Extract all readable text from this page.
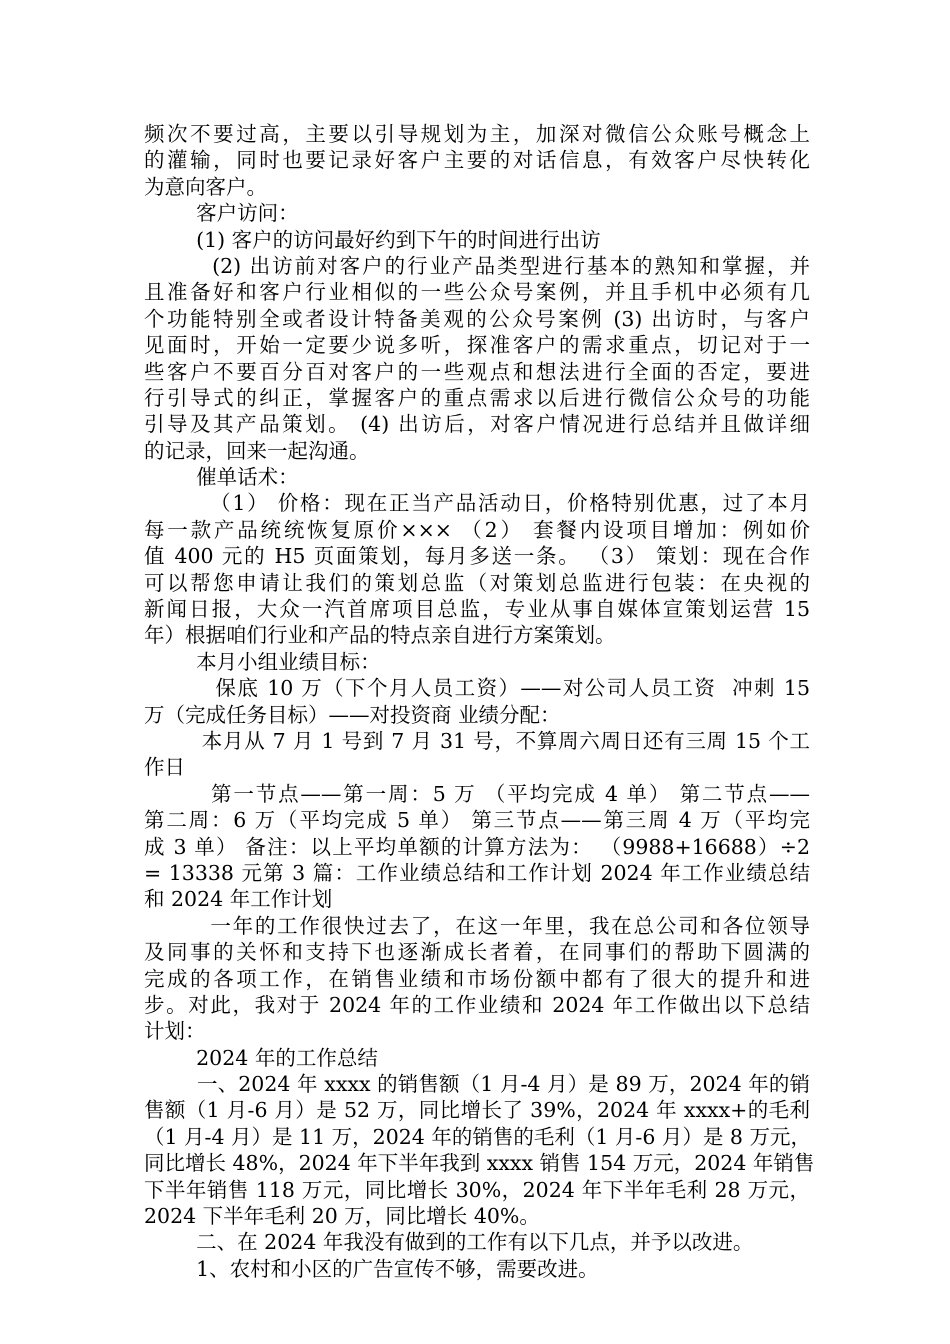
频次不要过高，主要以引导规划为主，加深对微信公众账号概念上
的灌输，同时也要记录好客户主要的对话信息，有效客户尽快转化
为意向客户。
客户访问：
(1) 客户的访问最好约到下午的时间进行出访
(2) 出访前对客户的行业产品类型进行基本的熟知和掌握，并
且准备好和客户行业相似的一些公众号案例，并且手机中必须有几
个功能特别全或者设计特备美观的公众号案例 (3) 出访时，与客户
见面时，开始一定要少说多听，探准客户的需求重点，切记对于一
些客户不要百分百对客户的一些观点和想法进行全面的否定，要进
行引导式的纠正，掌握客户的重点需求以后进行微信公众号的功能
引导及其产品策划。 (4) 出访后，对客户情况进行总结并且做详细
的记录，回来一起沟通。
催单话术：
（1） 价格：现在正当产品活动日，价格特别优惠，过了本月
每一款产品统统恢复原价××× （2） 套餐内设项目增加：例如价
值 400 元的 H5 页面策划，每月多送一条。 （3） 策划：现在合作
可以帮您申请让我们的策划总监（对策划总监进行包装：在央视的
新闻日报，大众一汽首席项目总监，专业从事自媒体宣策划运营 15
年）根据咱们行业和产品的特点亲自进行方案策划。
本月小组业绩目标：
保底 10 万（下个月人员工资）——对公司人员工资  冲刺 15
万（完成任务目标）——对投资商 业绩分配：
本月从 7 月 1 号到 7 月 31 号，不算周六周日还有三周 15 个工
作日
第一节点——第一周：5 万 （平均完成 4 单） 第二节点——
第二周：6 万（平均完成 5 单） 第三节点——第三周 4 万（平均完
成 3 单） 备注：以上平均单额的计算方法为： （9988+16688）÷2
= 13338 元第 3 篇：工作业绩总结和工作计划 2024 年工作业绩总结
和 2024 年工作计划
一年的工作很快过去了，在这一年里，我在总公司和各位领导
及同事的关怀和支持下也逐渐成长者着，在同事们的帮助下圆满的
完成的各项工作，在销售业绩和市场份额中都有了很大的提升和进
步。对此，我对于 2024 年的工作业绩和 2024 年工作做出以下总结
计划：
2024 年的工作总结
一、2024 年 xxxx 的销售额（1 月-4 月）是 89 万，2024 年的销
售额（1 月-6 月）是 52 万，同比增长了 39%，2024 年 xxxx+的毛利
（1 月-4 月）是 11 万，2024 年的销售的毛利（1 月-6 月）是 8 万元，
同比增长 48%，2024 年下半年我到 xxxx 销售 154 万元，2024 年销售
下半年销售 118 万元，同比增长 30%，2024 年下半年毛利 28 万元，
2024 下半年毛利 20 万，同比增长 40%。
二、在 2024 年我没有做到的工作有以下几点，并予以改进。
1、农村和小区的广告宣传不够，需要改进。
